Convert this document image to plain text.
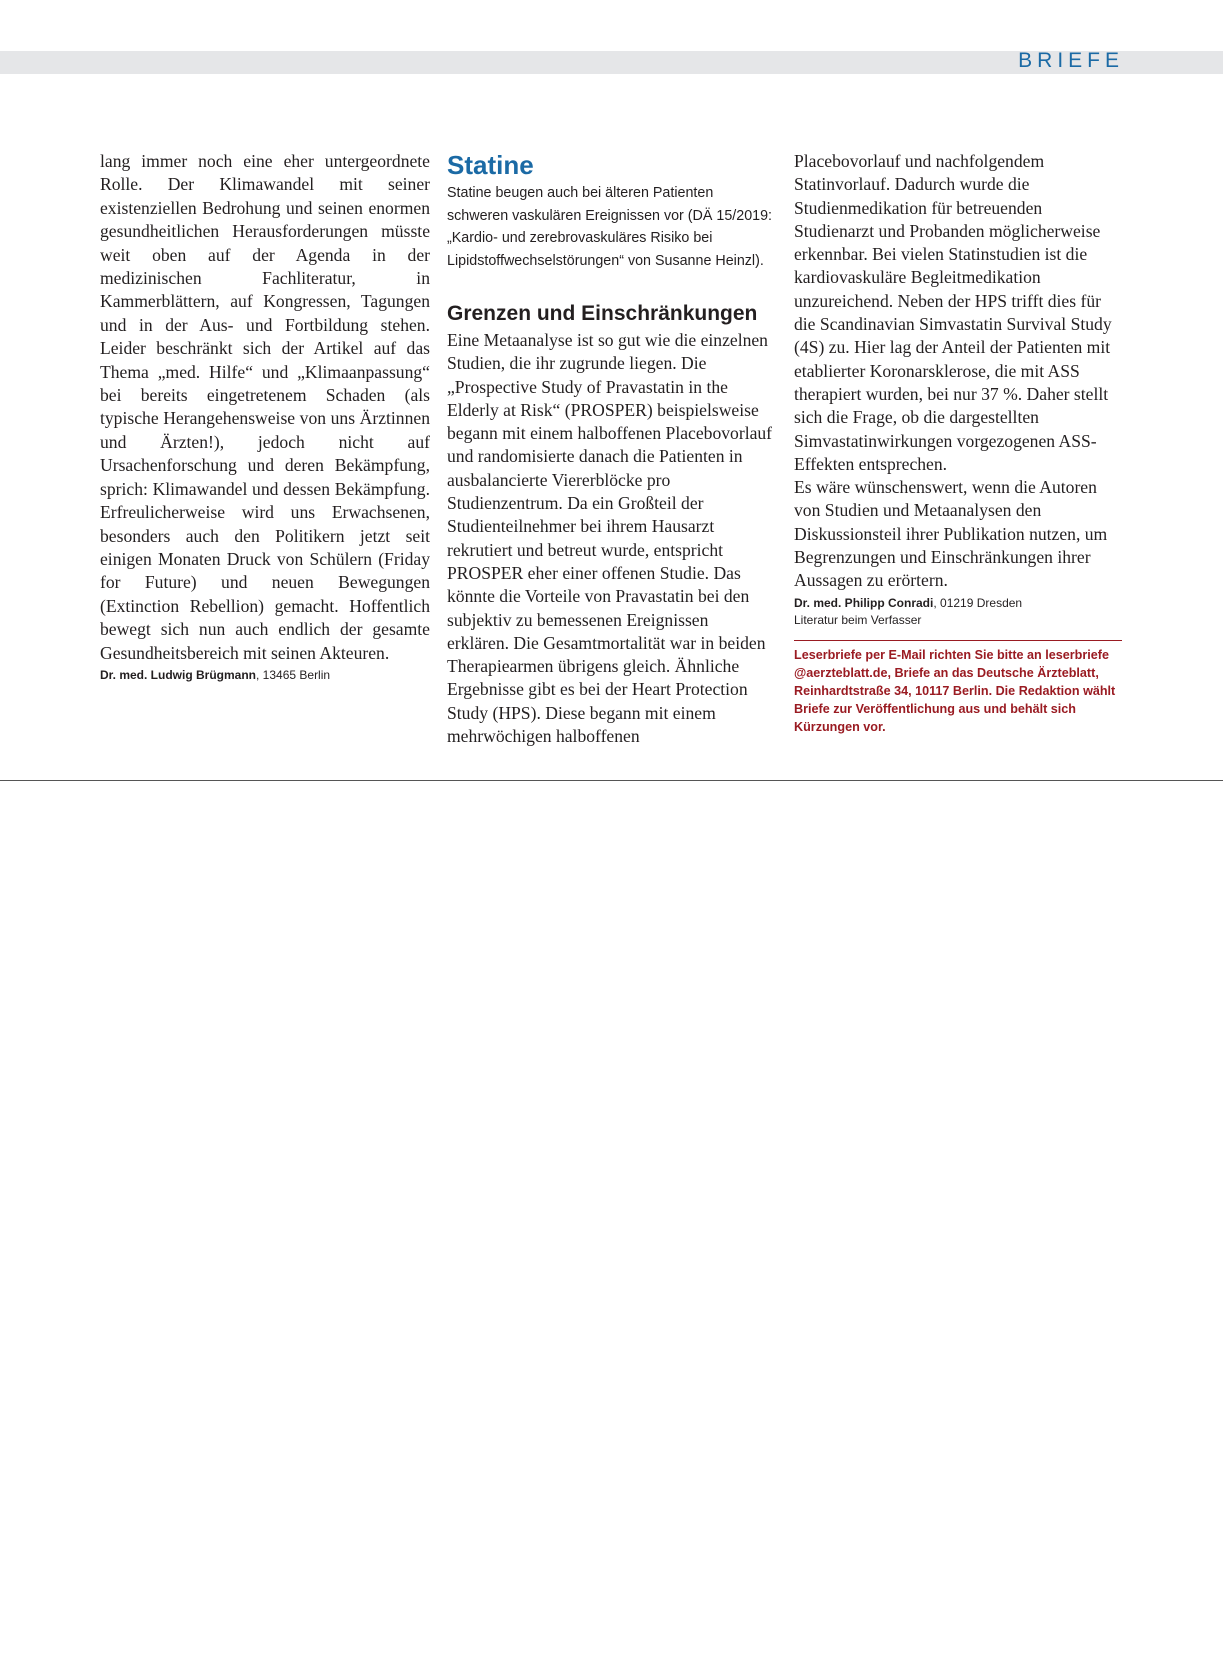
BRIEFE

lang immer noch eine eher untergeordnete Rolle. Der Klimawandel mit seiner existenziellen Bedrohung und seinen enormen gesundheitlichen Herausforderungen müsste weit oben auf der Agenda in der medizinischen Fachliteratur, in Kammerblättern, auf Kongressen, Tagungen und in der Aus- und Fortbildung stehen. Leider beschränkt sich der Artikel auf das Thema „med. Hilfe“ und „Klimaanpassung“ bei bereits eingetretenem Schaden (als typische Herangehensweise von uns Ärztinnen und Ärzten!), jedoch nicht auf Ursachenforschung und deren Bekämpfung, sprich: Klimawandel und dessen Bekämpfung. Erfreulicherweise wird uns Erwachsenen, besonders auch den Politikern jetzt seit einigen Monaten Druck von Schülern (Friday for Future) und neuen Bewegungen (Extinction Rebellion) gemacht. Hoffentlich bewegt sich nun auch endlich der gesamte Gesundheitsbereich mit seinen Akteuren.

Dr. med. Ludwig Brügmann, 13465 Berlin
Statine

Statine beugen auch bei älteren Patienten schweren vaskulären Ereignissen vor (DÄ 15/2019: „Kardio- und zerebrovaskuläres Risiko bei Lipidstoffwechselstörungen“ von Susanne Heinzl).

Grenzen und Einschränkungen

Eine Metaanalyse ist so gut wie die einzelnen Studien, die ihr zugrunde liegen. Die „Prospective Study of Pravastatin in the Elderly at Risk“ (PROSPER) beispielsweise begann mit einem halboffenen Placebovorlauf und randomisierte danach die Patienten in ausbalancierte Viererblöcke pro Studienzentrum. Da ein Großteil der Studienteilnehmer bei ihrem Hausarzt rekrutiert und betreut wurde, entspricht PROSPER eher einer offenen Studie. Das könnte die Vorteile von Pravastatin bei den subjektiv zu bemessenen Ereignissen erklären. Die Gesamtmortalität war in beiden Therapiearmen übrigens gleich. Ähnliche Ergebnisse gibt es bei der Heart Protection Study (HPS). Diese begann mit einem mehrwöchigen halboffenen

Placebovorlauf und nachfolgendem Statinvorlauf. Dadurch wurde die Studienmedikation für betreuenden Studienarzt und Probanden möglicherweise erkennbar. Bei vielen Statinstudien ist die kardiovaskuläre Begleitmedikation unzureichend. Neben der HPS trifft dies für die Scandinavian Simvastatin Survival Study (4S) zu. Hier lag der Anteil der Patienten mit etablierter Koronarsklerose, die mit ASS therapiert wurden, bei nur 37 %. Daher stellt sich die Frage, ob die dargestellten Simvastatinwirkungen vorgezogenen ASS-Effekten entsprechen.

Es wäre wünschenswert, wenn die Autoren von Studien und Metaanalysen den Diskussionsteil ihrer Publikation nutzen, um Begrenzungen und Einschränkungen ihrer Aussagen zu erörtern.

Dr. med. Philipp Conradi, 01219 Dresden
Literatur beim Verfasser

Leserbriefe per E-Mail richten Sie bitte an leserbriefe @aerzteblatt.de, Briefe an das Deutsche Ärzteblatt, Reinhardtstraße 34, 10117 Berlin. Die Redaktion wählt Briefe zur Veröffentlichung aus und behält sich Kürzungen vor.
